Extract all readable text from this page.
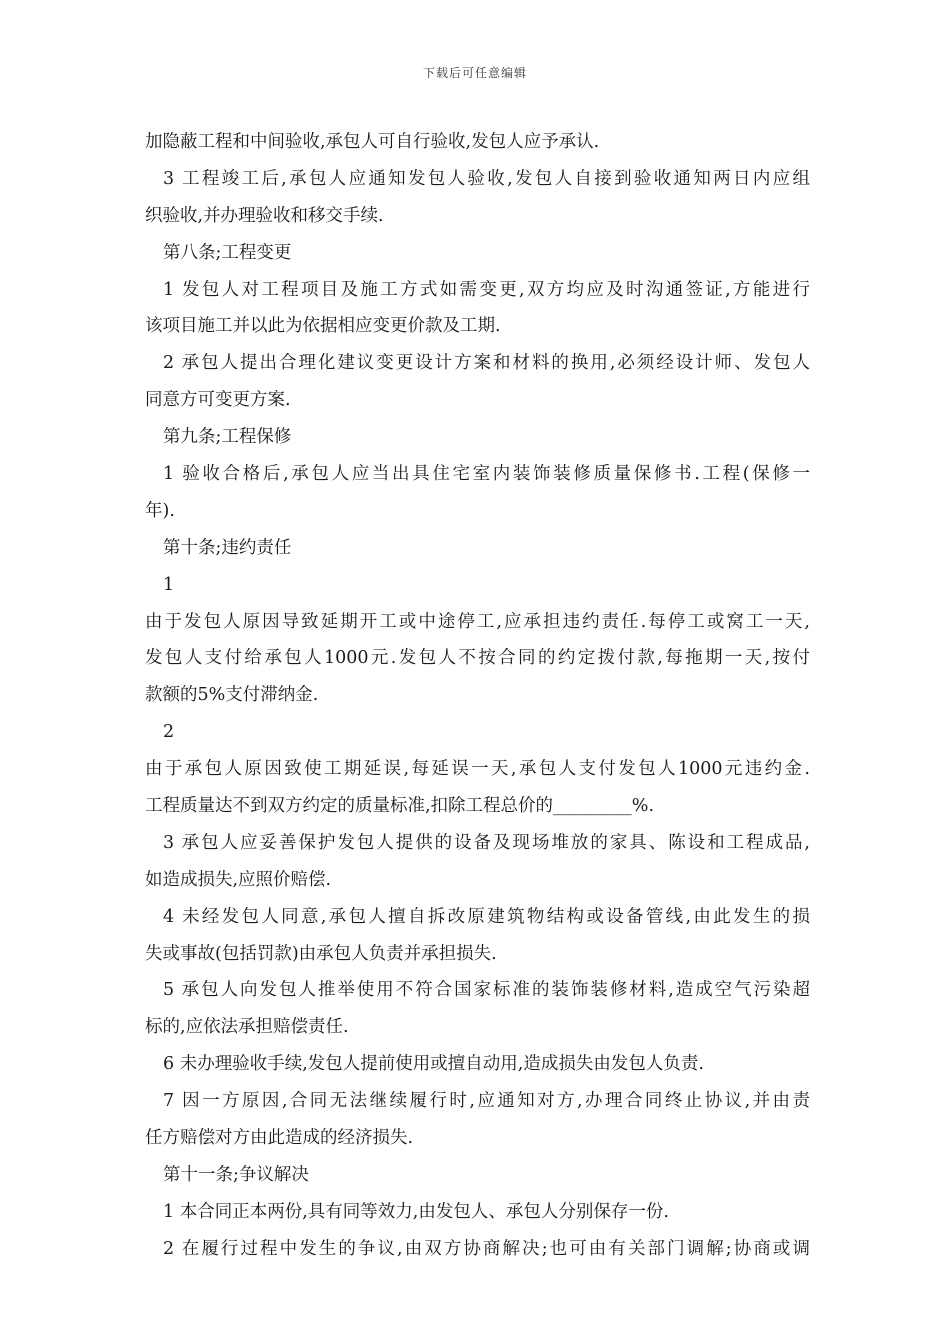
下载后可任意编辑
加隐蔽工程和中间验收,承包人可自行验收,发包人应予承认.
3 工程竣工后,承包人应通知发包人验收,发包人自接到验收通知两日内应组
织验收,并办理验收和移交手续.
第八条;工程变更
1 发包人对工程项目及施工方式如需变更,双方均应及时沟通签证,方能进行
该项目施工并以此为依据相应变更价款及工期.
2 承包人提出合理化建议变更设计方案和材料的换用,必须经设计师、发包人
同意方可变更方案.
第九条;工程保修
1 验收合格后,承包人应当出具住宅室内装饰装修质量保修书.工程(保修一
年).
第十条;违约责任
1
由于发包人原因导致延期开工或中途停工,应承担违约责任.每停工或窝工一天,
发包人支付给承包人1000元.发包人不按合同的约定拨付款,每拖期一天,按付
款额的5%支付滞纳金.
2
由于承包人原因致使工期延误,每延误一天,承包人支付发包人1000元违约金.
工程质量达不到双方约定的质量标准,扣除工程总价的_________%.
3 承包人应妥善保护发包人提供的设备及现场堆放的家具、陈设和工程成品,
如造成损失,应照价赔偿.
4 未经发包人同意,承包人擅自拆改原建筑物结构或设备管线,由此发生的损
失或事故(包括罚款)由承包人负责并承担损失.
5 承包人向发包人推举使用不符合国家标准的装饰装修材料,造成空气污染超
标的,应依法承担赔偿责任.
6 未办理验收手续,发包人提前使用或擅自动用,造成损失由发包人负责.
7 因一方原因,合同无法继续履行时,应通知对方,办理合同终止协议,并由责
任方赔偿对方由此造成的经济损失.
第十一条;争议解决
1 本合同正本两份,具有同等效力,由发包人、承包人分别保存一份.
2 在履行过程中发生的争议,由双方协商解决;也可由有关部门调解;协商或调
